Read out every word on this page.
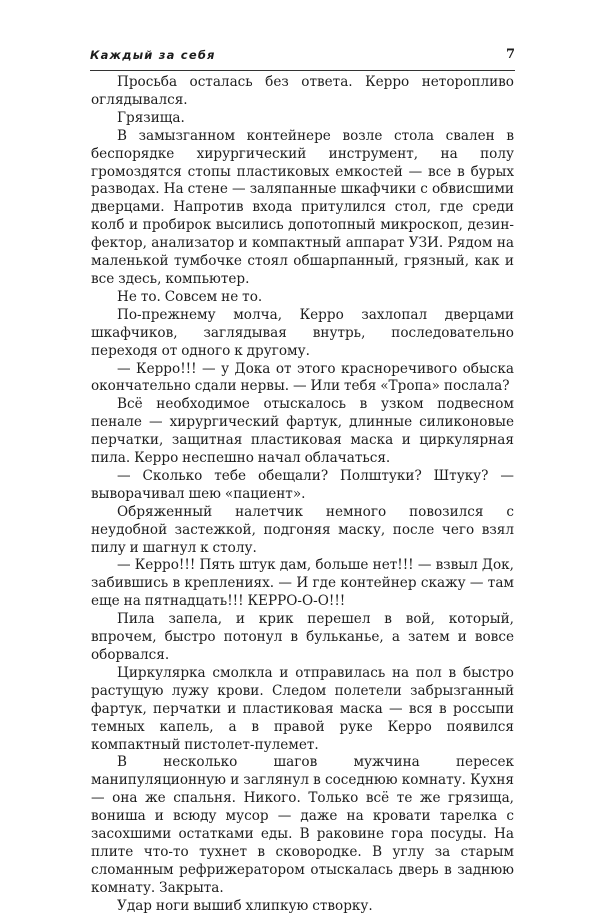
Каждый за себя	7

Просьба осталась без ответа. Керро неторопливо оглядывался.

Грязища.

В замызганном контейнере возле стола свален в беспорядке хирургический инструмент, на полу громоздятся стопы пластиковых емкостей — все в бурых разводах. На стене — заляпанные шкафчики с обвисшими дверцами. Напротив входа притулился стол, где среди колб и пробирок высились допотопный микроскоп, дезинфектор, анализатор и компактный аппарат УЗИ. Рядом на маленькой тумбочке стоял обшарпанный, грязный, как и все здесь, компьютер.

Не то. Совсем не то.

По-прежнему молча, Керро захлопал дверцами шкафчиков, заглядывая внутрь, последовательно переходя от одного к другому.

— Керро!!! — у Дока от этого красноречивого обыска окончательно сдали нервы. — Или тебя «Тропа» послала?

Всё необходимое отыскалось в узком подвесном пенале — хирургический фартук, длинные силиконовые перчатки, защитная пластиковая маска и циркулярная пила. Керро неспешно начал облачаться.

— Сколько тебе обещали? Полштуки? Штуку? — выворачивал шею «пациент».

Обряженный налетчик немного повозился с неудобной застежкой, подгоняя маску, после чего взял пилу и шагнул к столу.

— Керро!!! Пять штук дам, больше нет!!! — взвыл Док, забившись в креплениях. — И где контейнер скажу — там еще на пятнадцать!!! КЕРРО-О-О!!!

Пила запела, и крик перешел в вой, который, впрочем, быстро потонул в бульканье, а затем и вовсе оборвался.

Циркулярка смолкла и отправилась на пол в быстро растущую лужу крови. Следом полетели забрызганный фартук, перчатки и пластиковая маска — вся в россыпи темных капель, а в правой руке Керро появился компактный пистолет-пулемет.

В несколько шагов мужчина пересек манипуляционную и заглянул в соседнюю комнату. Кухня — она же спальня. Никого. Только всё те же грязища, вониша и всюду мусор — даже на кровати тарелка с засохшими остатками еды. В раковине гора посуды. На плите что-то тухнет в сковородке. В углу за старым сломанным рефрижератором отыскалась дверь в заднюю комнату. Закрыта.

Удар ноги вышиб хлипкую створку.
